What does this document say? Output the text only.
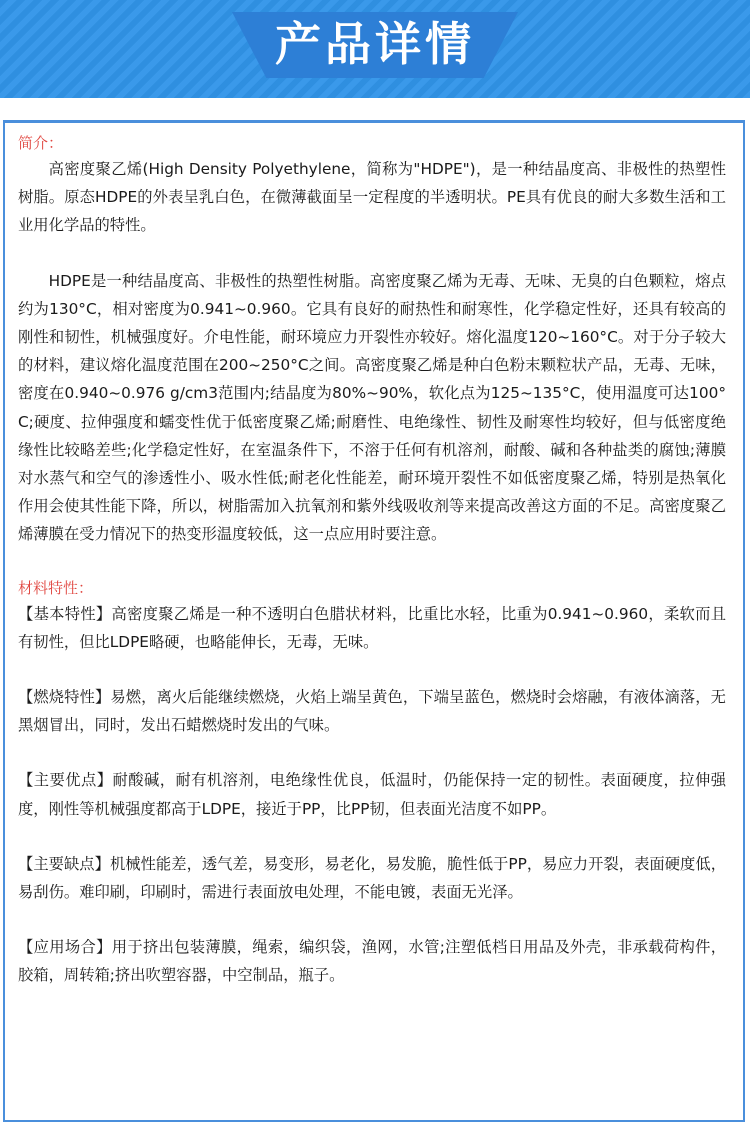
产品详情

简介：

高密度聚乙烯(High Density Polyethylene，简称为"HDPE")，是一种结晶度高、非极性的热塑性树脂。原态HDPE的外表呈乳白色，在微薄截面呈一定程度的半透明状。PE具有优良的耐大多数生活和工业用化学品的特性。

HDPE是一种结晶度高、非极性的热塑性树脂。高密度聚乙烯为无毒、无味、无臭的白色颗粒，熔点约为130°C，相对密度为0.941~0.960。它具有良好的耐热性和耐寒性，化学稳定性好，还具有较高的刚性和韧性，机械强度好。介电性能，耐环境应力开裂性亦较好。熔化温度120~160°C。对于分子较大的材料，建议熔化温度范围在200~250°C之间。高密度聚乙烯是种白色粉末颗粒状产品，无毒、无味，密度在0.940~0.976 g/cm3范围内;结晶度为80%~90%，软化点为125~135°C，使用温度可达100°C;硬度、拉伸强度和蠕变性优于低密度聚乙烯;耐磨性、电绝缘性、韧性及耐寒性均较好，但与低密度绝缘性比较略差些;化学稳定性好，在室温条件下，不溶于任何有机溶剂，耐酸、碱和各种盐类的腐蚀;薄膜对水蒸气和空气的渗透性小、吸水性低;耐老化性能差，耐环境开裂性不如低密度聚乙烯，特别是热氧化作用会使其性能下降，所以，树脂需加入抗氧剂和紫外线吸收剂等来提高改善这方面的不足。高密度聚乙烯薄膜在受力情况下的热变形温度较低，这一点应用时要注意。

材料特性：

【基本特性】高密度聚乙烯是一种不透明白色腊状材料，比重比水轻，比重为0.941~0.960，柔软而且有韧性，但比LDPE略硬，也略能伸长，无毒，无味。

【燃烧特性】易燃，离火后能继续燃烧，火焰上端呈黄色，下端呈蓝色，燃烧时会熔融，有液体滴落，无黑烟冒出，同时，发出石蜡燃烧时发出的气味。

【主要优点】耐酸碱，耐有机溶剂，电绝缘性优良，低温时，仍能保持一定的韧性。表面硬度，拉伸强度，刚性等机械强度都高于LDPE，接近于PP，比PP韧，但表面光洁度不如PP。

【主要缺点】机械性能差，透气差，易变形，易老化，易发脆，脆性低于PP，易应力开裂，表面硬度低，易刮伤。难印刷，印刷时，需进行表面放电处理，不能电镀，表面无光泽。

【应用场合】用于挤出包装薄膜，绳索，编织袋，渔网，水管;注塑低档日用品及外壳，非承载荷构件，胶箱，周转箱;挤出吹塑容器，中空制品，瓶子。
